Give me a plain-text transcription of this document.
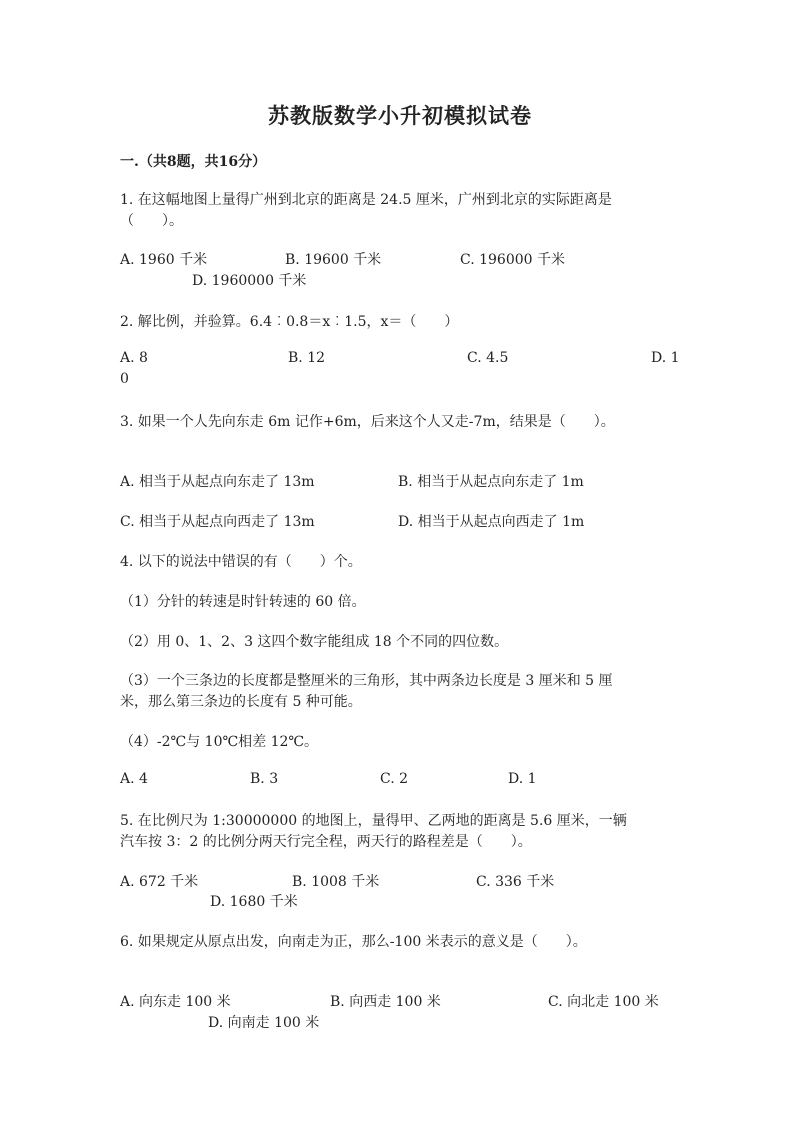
苏教版数学小升初模拟试卷
一.（共8题，共16分）
1. 在这幅地图上量得广州到北京的距离是 24.5 厘米，广州到北京的实际距离是
（　　）。
A. 1960 千米	B. 19600 千米	C. 196000 千米
D. 1960000 千米
2. 解比例，并验算。6.4︰0.8＝x︰1.5，x＝（　　）
A. 8	B. 12	C. 4.5	D. 1
0
3. 如果一个人先向东走 6m 记作+6m，后来这个人又走-7m，结果是（　　）。
A. 相当于从起点向东走了 13m	B. 相当于从起点向东走了 1m
C. 相当于从起点向西走了 13m	D. 相当于从起点向西走了 1m
4. 以下的说法中错误的有（　　）个。
（1）分针的转速是时针转速的 60 倍。
（2）用 0、1、2、3 这四个数字能组成 18 个不同的四位数。
（3）一个三条边的长度都是整厘米的三角形，其中两条边长度是 3 厘米和 5 厘
米，那么第三条边的长度有 5 种可能。
（4）-2℃与 10℃相差 12℃。
A. 4	B. 3	C. 2	D. 1
5. 在比例尺为 1:30000000 的地图上，量得甲、乙两地的距离是 5.6 厘米，一辆
汽车按 3：2 的比例分两天行完全程，两天行的路程差是（　　）。
A. 672 千米	B. 1008 千米	C. 336 千米
D. 1680 千米
6. 如果规定从原点出发，向南走为正，那么-100 米表示的意义是（　　）。
A. 向东走 100 米	B. 向西走 100 米	C. 向北走 100 米
D. 向南走 100 米
